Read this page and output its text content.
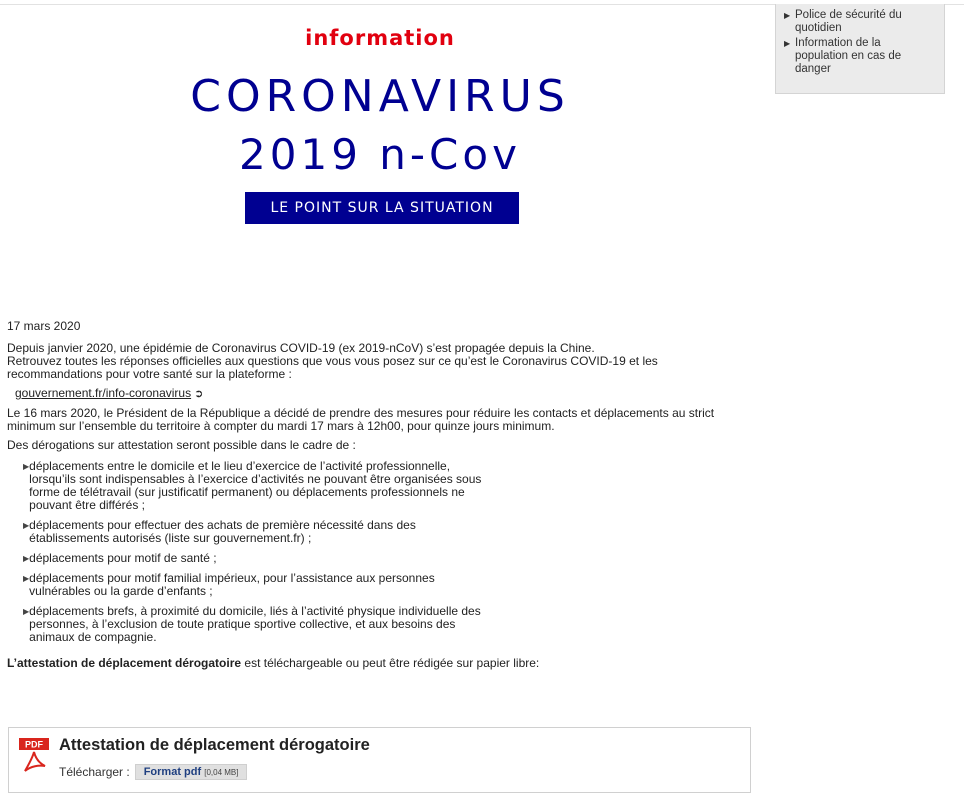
▶ Police de sécurité du quotidien
▶ Information de la population en cas de danger
information
CORONAVIRUS
2019 n-Cov
LE POINT SUR LA SITUATION
17 mars 2020
Depuis janvier 2020, une épidémie de Coronavirus COVID-19 (ex 2019-nCoV) s’est propagée depuis la Chine.
Retrouvez toutes les réponses officielles aux questions que vous vous posez sur ce qu’est le Coronavirus COVID-19 et les recommandations pour votre santé sur la plateforme :
gouvernement.fr/info-coronavirus ➲
Le 16 mars 2020, le Président de la République a décidé de prendre des mesures pour réduire les contacts et déplacements au strict minimum sur l’ensemble du territoire à compter du mardi 17 mars à 12h00, pour quinze jours minimum.
Des dérogations sur attestation seront possible dans le cadre de :
▶ déplacements entre le domicile et le lieu d’exercice de l’activité professionnelle, lorsqu’ils sont indispensables à l’exercice d’activités ne pouvant être organisées sous forme de télétravail (sur justificatif permanent) ou déplacements professionnels ne pouvant être différés ;
▶ déplacements pour effectuer des achats de première nécessité dans des établissements autorisés (liste sur gouvernement.fr) ;
▶ déplacements pour motif de santé ;
▶ déplacements pour motif familial impérieux, pour l’assistance aux personnes vulnérables ou la garde d’enfants ;
▶ déplacements brefs, à proximité du domicile, liés à l’activité physique individuelle des personnes, à l’exclusion de toute pratique sportive collective, et aux besoins des animaux de compagnie.
L’attestation de déplacement dérogatoire est téléchargeable ou peut être rédigée sur papier libre:
PDF Attestation de déplacement dérogatoire
Télécharger :	Format pdf [0,04 MB]
